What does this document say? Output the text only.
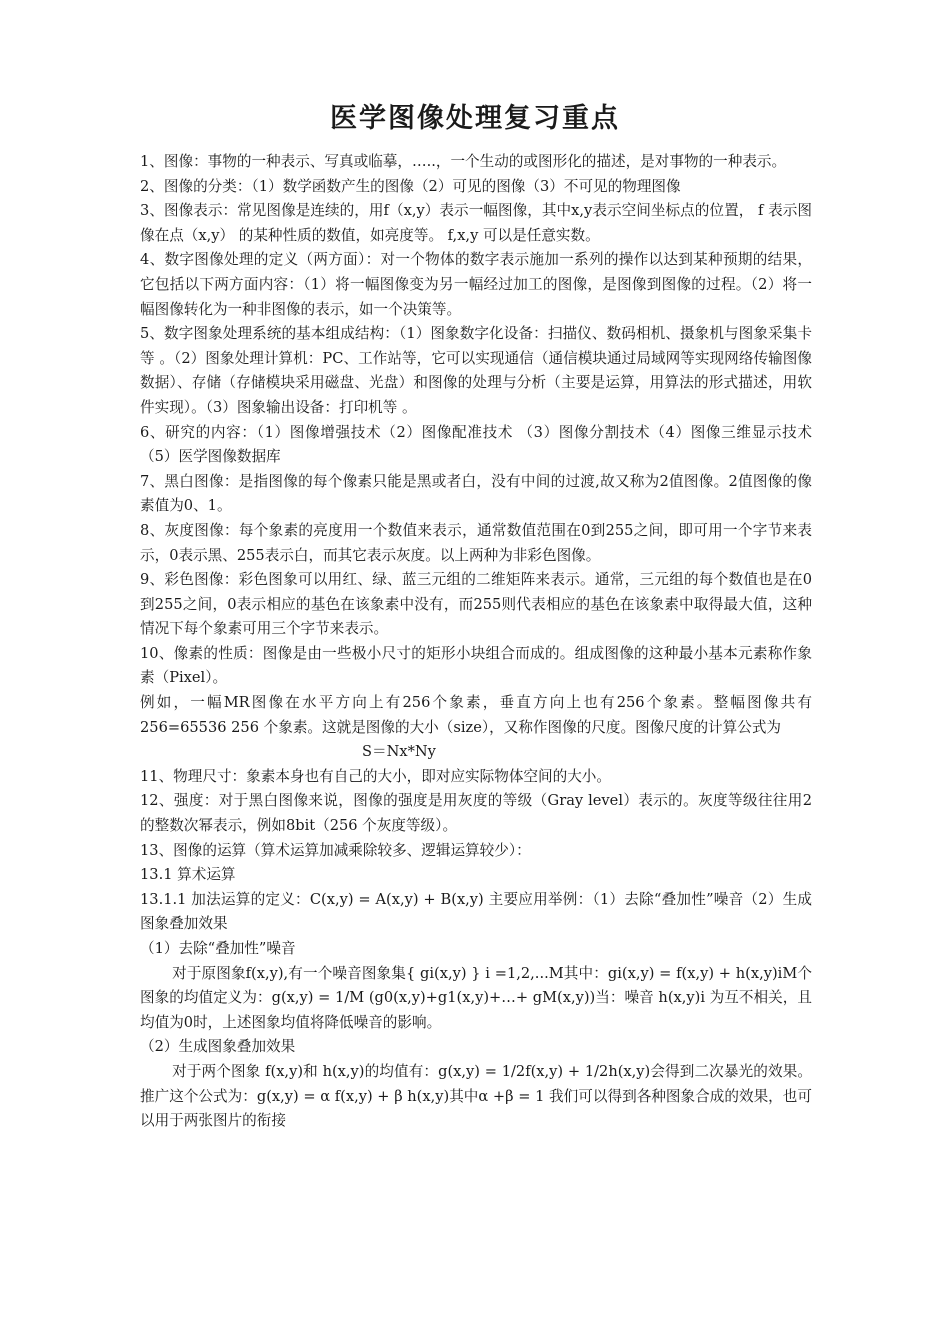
医学图像处理复习重点

1、图像：事物的一种表示、写真或临摹，…..，一个生动的或图形化的描述，是对事物的一种表示。

2、图像的分类：（1）数学函数产生的图像（2）可见的图像（3）不可见的物理图像

3、图像表示：常见图像是连续的，用f（x,y）表示一幅图像，其中x,y表示空间坐标点的位置， f 表示图像在点（x,y） 的某种性质的数值，如亮度等。 f,x,y 可以是任意实数。

4、数字图像处理的定义（两方面）：对一个物体的数字表示施加一系列的操作以达到某种预期的结果，它包括以下两方面内容：（1）将一幅图像变为另一幅经过加工的图像，是图像到图像的过程。（2）将一幅图像转化为一种非图像的表示，如一个决策等。

5、数字图象处理系统的基本组成结构：（1）图象数字化设备：扫描仪、数码相机、摄象机与图象采集卡等 。（2）图象处理计算机：PC、工作站等，它可以实现通信（通信模块通过局域网等实现网络传输图像数据）、存储（存储模块采用磁盘、光盘）和图像的处理与分析（主要是运算，用算法的形式描述，用软件实现）。（3）图象输出设备：打印机等 。

6、研究的内容：（1）图像增强技术（2）图像配准技术 （3）图像分割技术（4）图像三维显示技术（5）医学图像数据库

7、黑白图像：是指图像的每个像素只能是黑或者白，没有中间的过渡,故又称为2值图像。2值图像的像素值为0、1。

8、灰度图像：每个象素的亮度用一个数值来表示，通常数值范围在0到255之间，即可用一个字节来表示，0表示黑、255表示白，而其它表示灰度。以上两种为非彩色图像。

9、彩色图像：彩色图象可以用红、绿、蓝三元组的二维矩阵来表示。通常，三元组的每个数值也是在0到255之间，0表示相应的基色在该象素中没有，而255则代表相应的基色在该象素中取得最大值，这种情况下每个象素可用三个字节来表示。

10、像素的性质：图像是由一些极小尺寸的矩形小块组合而成的。组成图像的这种最小基本元素称作象素（Pixel）。

例如，一幅MR图像在水平方向上有256个象素，垂直方向上也有256个象素。整幅图像共有 256=65536 256 个象素。这就是图像的大小（size），又称作图像的尺度。图像尺度的计算公式为

S＝Nx*Ny

11、物理尺寸：象素本身也有自己的大小，即对应实际物体空间的大小。

12、强度：对于黑白图像来说，图像的强度是用灰度的等级（Gray level）表示的。灰度等级往往用2的整数次幂表示，例如8bit（256 个灰度等级）。

13、图像的运算（算术运算加减乘除较多、逻辑运算较少）：

13.1 算术运算

13.1.1 加法运算的定义：C(x,y) = A(x,y) + B(x,y) 主要应用举例：（1）去除“叠加性”噪音（2）生成图象叠加效果

（1）去除“叠加性”噪音

对于原图象f(x,y),有一个噪音图象集{ gi(x,y) } i =1,2,...M其中：gi(x,y) = f(x,y) + h(x,y)iM个图象的均值定义为：g(x,y) = 1/M (g0(x,y)+g1(x,y)+…+ gM(x,y))当：噪音 h(x,y)i 为互不相关，且均值为0时，上述图象均值将降低噪音的影响。

（2）生成图象叠加效果

对于两个图象 f(x,y)和 h(x,y)的均值有：g(x,y) = 1/2f(x,y) + 1/2h(x,y)会得到二次暴光的效果。推广这个公式为：g(x,y) = α f(x,y) + β h(x,y)其中α +β = 1 我们可以得到各种图象合成的效果，也可以用于两张图片的衔接
